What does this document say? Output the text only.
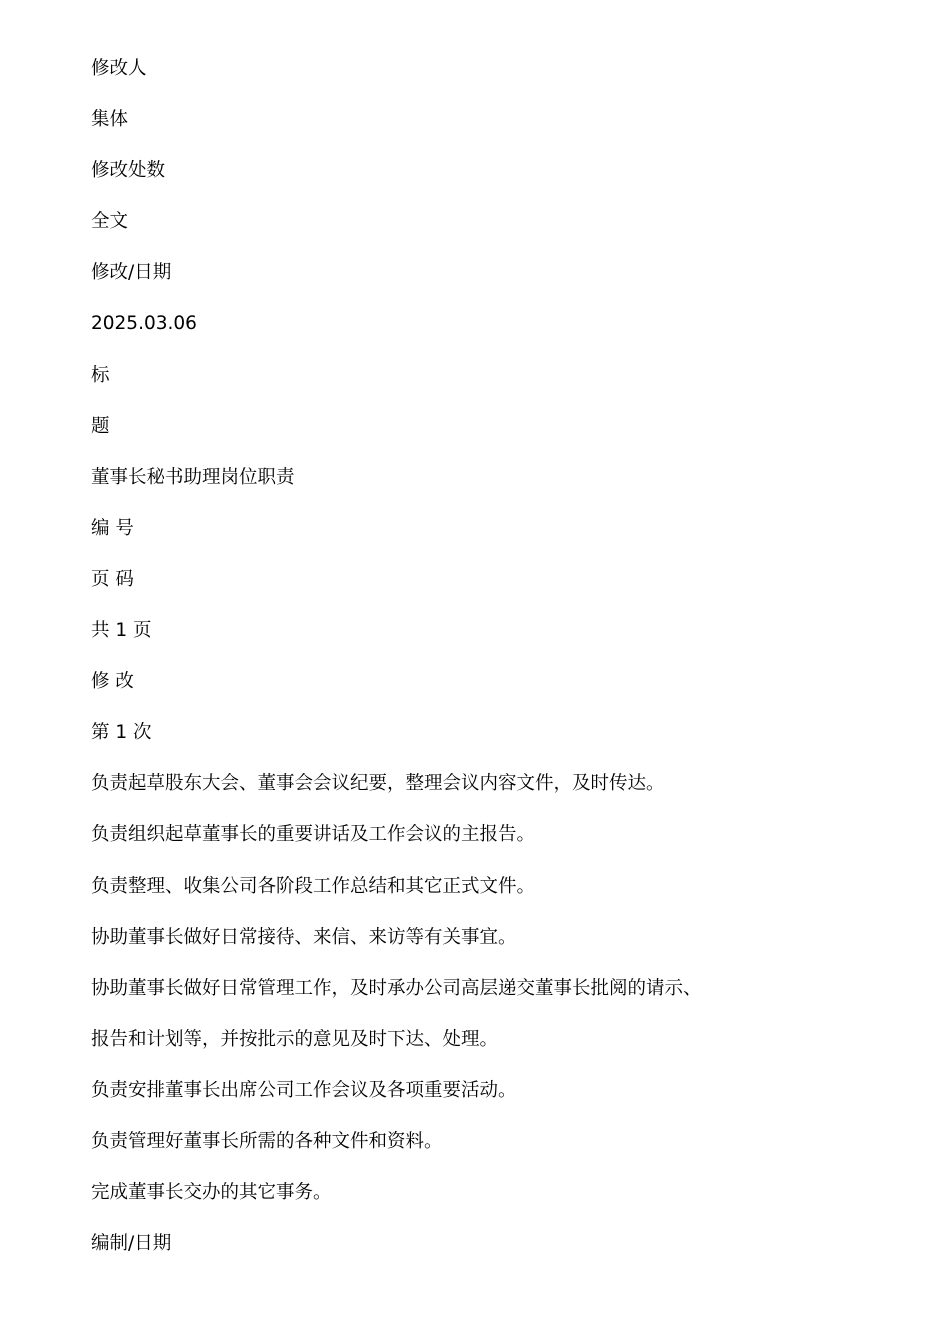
修改人
集体
修改处数
全文
修改/日期
2025.03.06
标
题
董事长秘书助理岗位职责
编 号
页 码
共 1 页
修 改
第 1 次
负责起草股东大会、董事会会议纪要，整理会议内容文件，及时传达。
负责组织起草董事长的重要讲话及工作会议的主报告。
负责整理、收集公司各阶段工作总结和其它正式文件。
协助董事长做好日常接待、来信、来访等有关事宜。
协助董事长做好日常管理工作，及时承办公司高层递交董事长批阅的请示、
报告和计划等，并按批示的意见及时下达、处理。
负责安排董事长出席公司工作会议及各项重要活动。
负责管理好董事长所需的各种文件和资料。
完成董事长交办的其它事务。
编制/日期
